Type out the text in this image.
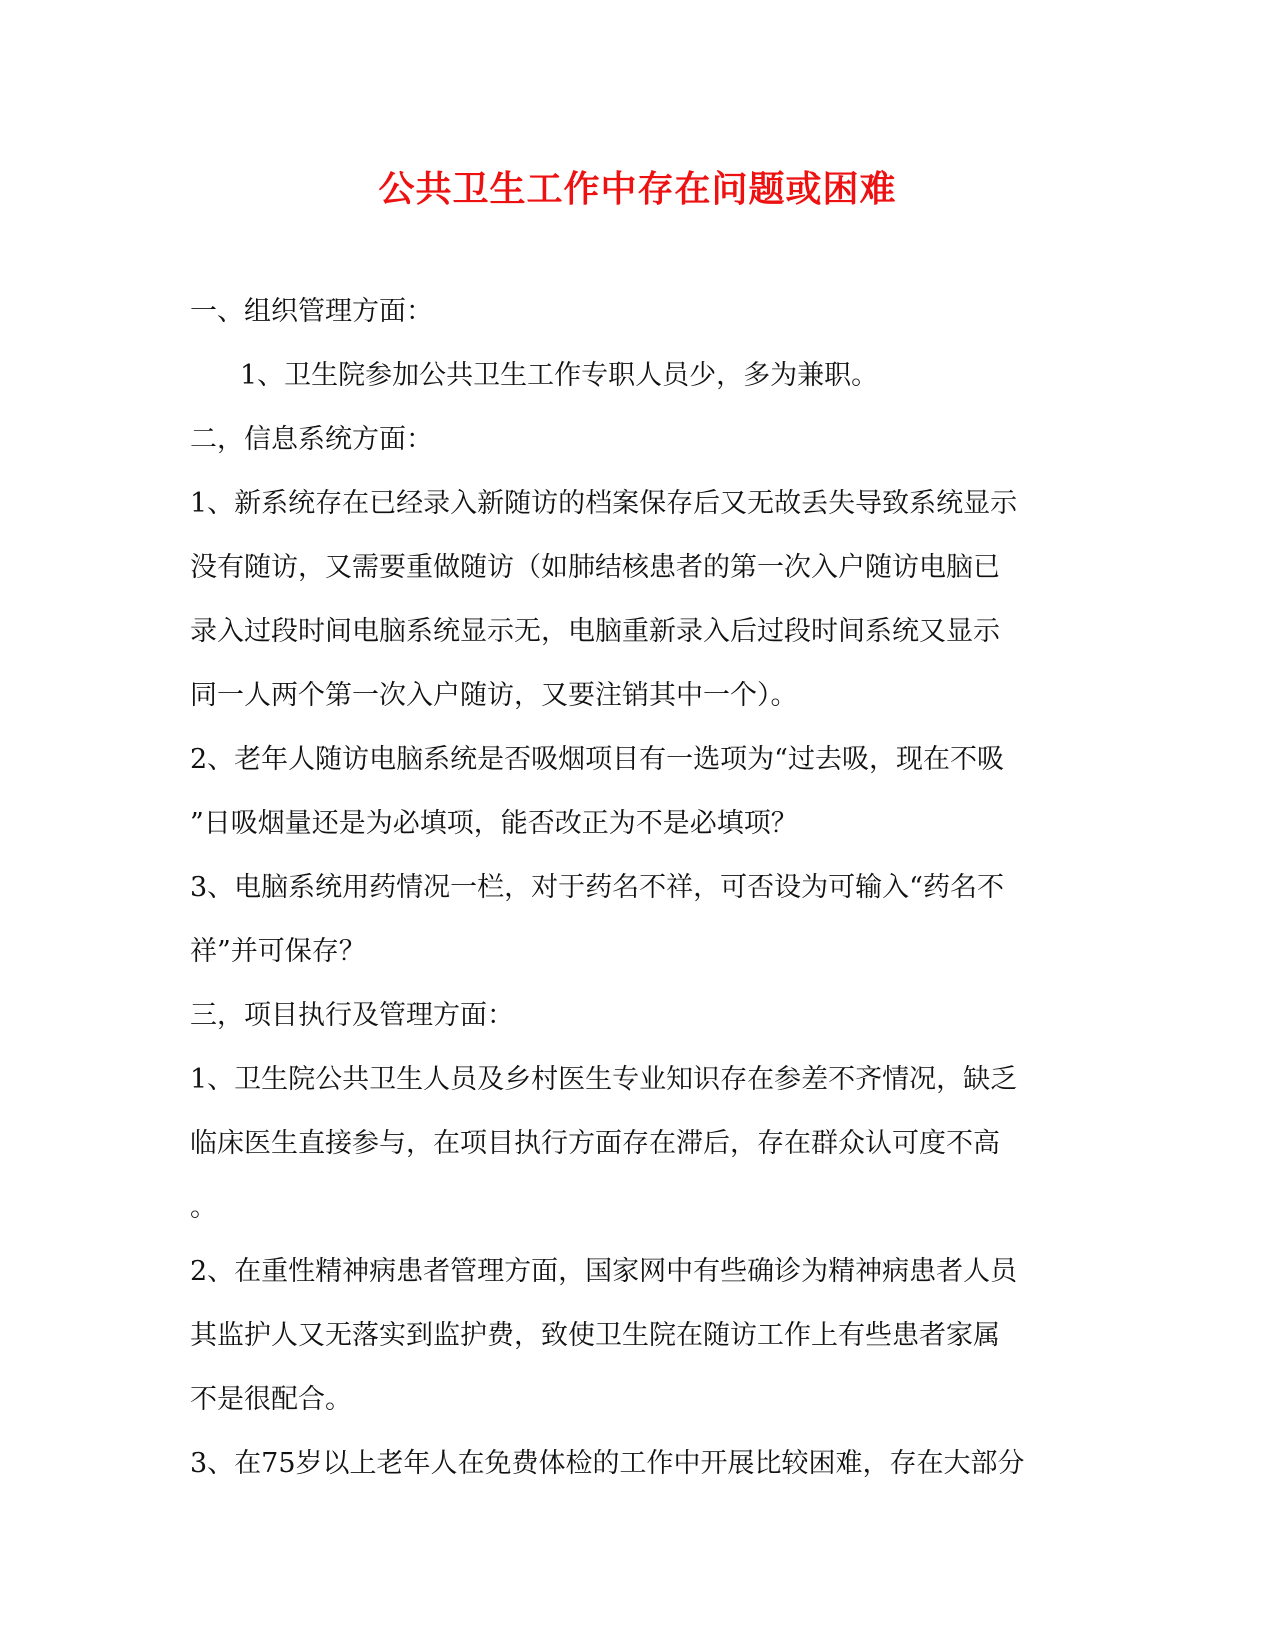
公共卫生工作中存在问题或困难
一、组织管理方面：
1、卫生院参加公共卫生工作专职人员少，多为兼职。
二，信息系统方面：
1、新系统存在已经录入新随访的档案保存后又无故丢失导致系统显示
没有随访，又需要重做随访（如肺结核患者的第一次入户随访电脑已
录入过段时间电脑系统显示无，电脑重新录入后过段时间系统又显示
同一人两个第一次入户随访，又要注销其中一个）。
2、老年人随访电脑系统是否吸烟项目有一选项为“过去吸，现在不吸
”日吸烟量还是为必填项，能否改正为不是必填项？
3、电脑系统用药情况一栏，对于药名不祥，可否设为可输入“药名不
祥”并可保存？
三，项目执行及管理方面：
1、卫生院公共卫生人员及乡村医生专业知识存在参差不齐情况，缺乏
临床医生直接参与，在项目执行方面存在滞后，存在群众认可度不高
。
2、在重性精神病患者管理方面，国家网中有些确诊为精神病患者人员
其监护人又无落实到监护费，致使卫生院在随访工作上有些患者家属
不是很配合。
3、在75岁以上老年人在免费体检的工作中开展比较困难，存在大部分
